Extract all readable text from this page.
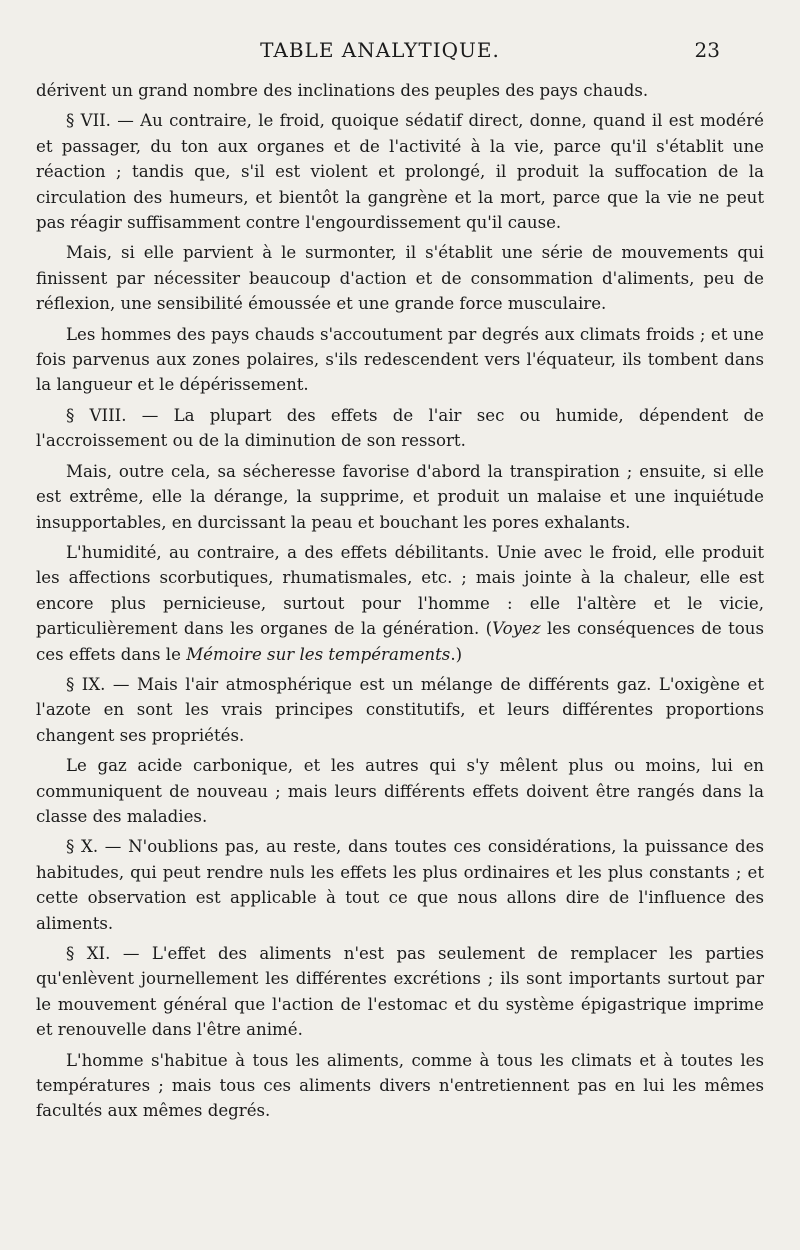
TABLE ANALYTIQUE.	23

dérivent un grand nombre des inclinations des peuples des pays chauds.

§ VII. — Au contraire, le froid, quoique sédatif direct, donne, quand il est modéré et passager, du ton aux organes et de l'activité à la vie, parce qu'il s'établit une réaction ; tandis que, s'il est violent et prolongé, il produit la suffocation de la circulation des humeurs, et bientôt la gangrène et la mort, parce que la vie ne peut pas réagir suffisamment contre l'engourdissement qu'il cause.

Mais, si elle parvient à le surmonter, il s'établit une série de mouvements qui finissent par nécessiter beaucoup d'action et de consommation d'aliments, peu de réflexion, une sensibilité émoussée et une grande force musculaire.

Les hommes des pays chauds s'accoutument par degrés aux climats froids ; et une fois parvenus aux zones polaires, s'ils redescendent vers l'équateur, ils tombent dans la langueur et le dépérissement.

§ VIII. — La plupart des effets de l'air sec ou humide, dépendent de l'accroissement ou de la diminution de son ressort.

Mais, outre cela, sa sécheresse favorise d'abord la transpiration ; ensuite, si elle est extrême, elle la dérange, la supprime, et produit un malaise et une inquiétude insupportables, en durcissant la peau et bouchant les pores exhalants.

L'humidité, au contraire, a des effets débilitants. Unie avec le froid, elle produit les affections scorbutiques, rhumatismales, etc. ; mais jointe à la chaleur, elle est encore plus pernicieuse, surtout pour l'homme : elle l'altère et le vicie, particulièrement dans les organes de la génération. (Voyez les conséquences de tous ces effets dans le Mémoire sur les tempéraments.)

§ IX. — Mais l'air atmosphérique est un mélange de différents gaz. L'oxigène et l'azote en sont les vrais principes constitutifs, et leurs différentes proportions changent ses propriétés.

Le gaz acide carbonique, et les autres qui s'y mêlent plus ou moins, lui en communiquent de nouveau ; mais leurs différents effets doivent être rangés dans la classe des maladies.

§ X. — N'oublions pas, au reste, dans toutes ces considérations, la puissance des habitudes, qui peut rendre nuls les effets les plus ordinaires et les plus constants ; et cette observation est applicable à tout ce que nous allons dire de l'influence des aliments.

§ XI. — L'effet des aliments n'est pas seulement de remplacer les parties qu'enlèvent journellement les différentes excrétions ; ils sont importants surtout par le mouvement général que l'action de l'estomac et du système épigastrique imprime et renouvelle dans l'être animé.

L'homme s'habitue à tous les aliments, comme à tous les climats et à toutes les températures ; mais tous ces aliments divers n'entretiennent pas en lui les mêmes facultés aux mêmes degrés.
